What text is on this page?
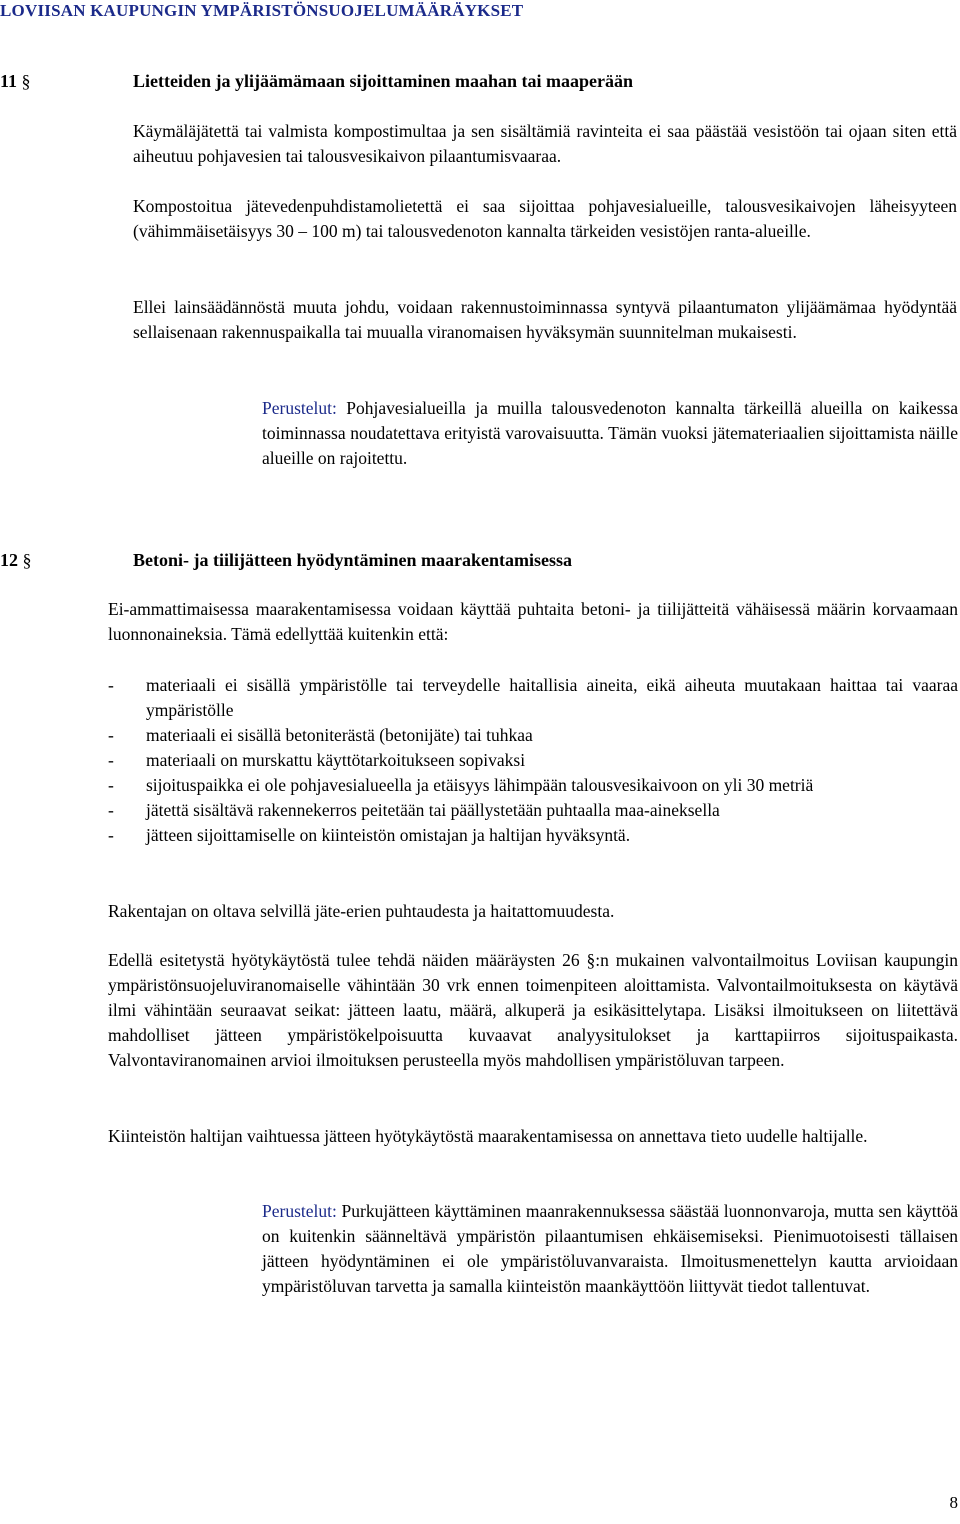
LOVIISAN KAUPUNGIN YMPÄRISTÖNSUOJELUMÄÄRÄYKSET
11 §	Lietteiden ja ylijäämämaan sijoittaminen maahan tai maaperään

Käymäläjätettä tai valmista kompostimultaa ja sen sisältämiä ravinteita ei saa päästää vesistöön tai ojaan siten että aiheutuu pohjavesien tai talousvesikaivon pilaantumisvaaraa.

Kompostoitua jätevedenpuhdistamolietettä ei saa sijoittaa pohjavesialueille, talousvesikaivojen läheisyyteen (vähimmäisetäisyys 30 – 100 m) tai talousvedenoton kannalta tärkeiden vesistöjen ranta-alueille.

Ellei lainsäädännöstä muuta johdu, voidaan rakennustoiminnassa syntyvä pilaantumaton ylijäämämaa hyödyntää sellaisenaan rakennuspaikalla tai muualla viranomaisen hyväksymän suunnitelman mukaisesti.

Perustelut: Pohjavesialueilla ja muilla talousvedenoton kannalta tärkeillä alueilla on kaikessa toiminnassa noudatettava erityistä varovaisuutta. Tämän vuoksi jätemateriaalien sijoittamista näille alueille on rajoitettu.

12 §	Betoni- ja tiilijätteen hyödyntäminen maarakentamisessa

Ei-ammattimaisessa maarakentamisessa voidaan käyttää puhtaita betoni- ja tiilijätteitä vähäisessä määrin korvaamaan luonnonaineksia. Tämä edellyttää kuitenkin että:

- materiaali ei sisällä ympäristölle tai terveydelle haitallisia aineita, eikä aiheuta muutakaan haittaa tai vaaraa ympäristölle
- materiaali ei sisällä betoniterästä (betonijäte) tai tuhkaa
- materiaali on murskattu käyttötarkoitukseen sopivaksi
- sijoituspaikka ei ole pohjavesialueella ja etäisyys lähimpään talousvesikaivoon on yli 30 metriä
- jätettä sisältävä rakennekerros peitetään tai päällystetään puhtaalla maa-aineksella
- jätteen sijoittamiselle on kiinteistön omistajan ja haltijan hyväksyntä.

Rakentajan on oltava selvillä jäte-erien puhtaudesta ja haitattomuudesta.

Edellä esitetystä hyötykäytöstä tulee tehdä näiden määräysten 26 §:n mukainen valvontailmoitus Loviisan kaupungin ympäristönsuojeluviranomaiselle vähintään 30 vrk ennen toimenpiteen aloittamista. Valvontailmoituksesta on käytävä ilmi vähintään seuraavat seikat: jätteen laatu, määrä, alkuperä ja esikäsittelytapa. Lisäksi ilmoitukseen on liitettävä mahdolliset jätteen ympäristökelpoisuutta kuvaavat analyysitulokset ja karttapiirros sijoituspaikasta. Valvontaviranomainen arvioi ilmoituksen perusteella myös mahdollisen ympäristöluvan tarpeen.

Kiinteistön haltijan vaihtuessa jätteen hyötykäytöstä maarakentamisessa on annettava tieto uudelle haltijalle.

Perustelut: Purkujätteen käyttäminen maanrakennuksessa säästää luonnonvaroja, mutta sen käyttöä on kuitenkin säänneltävä ympäristön pilaantumisen ehkäisemiseksi. Pienimuotoisesti tällaisen jätteen hyödyntäminen ei ole ympäristöluvanvaraista. Ilmoitusmenettelyn kautta arvioidaan ympäristöluvan tarvetta ja samalla kiinteistön maankäyttöön liittyvät tiedot tallentuvat.

8
